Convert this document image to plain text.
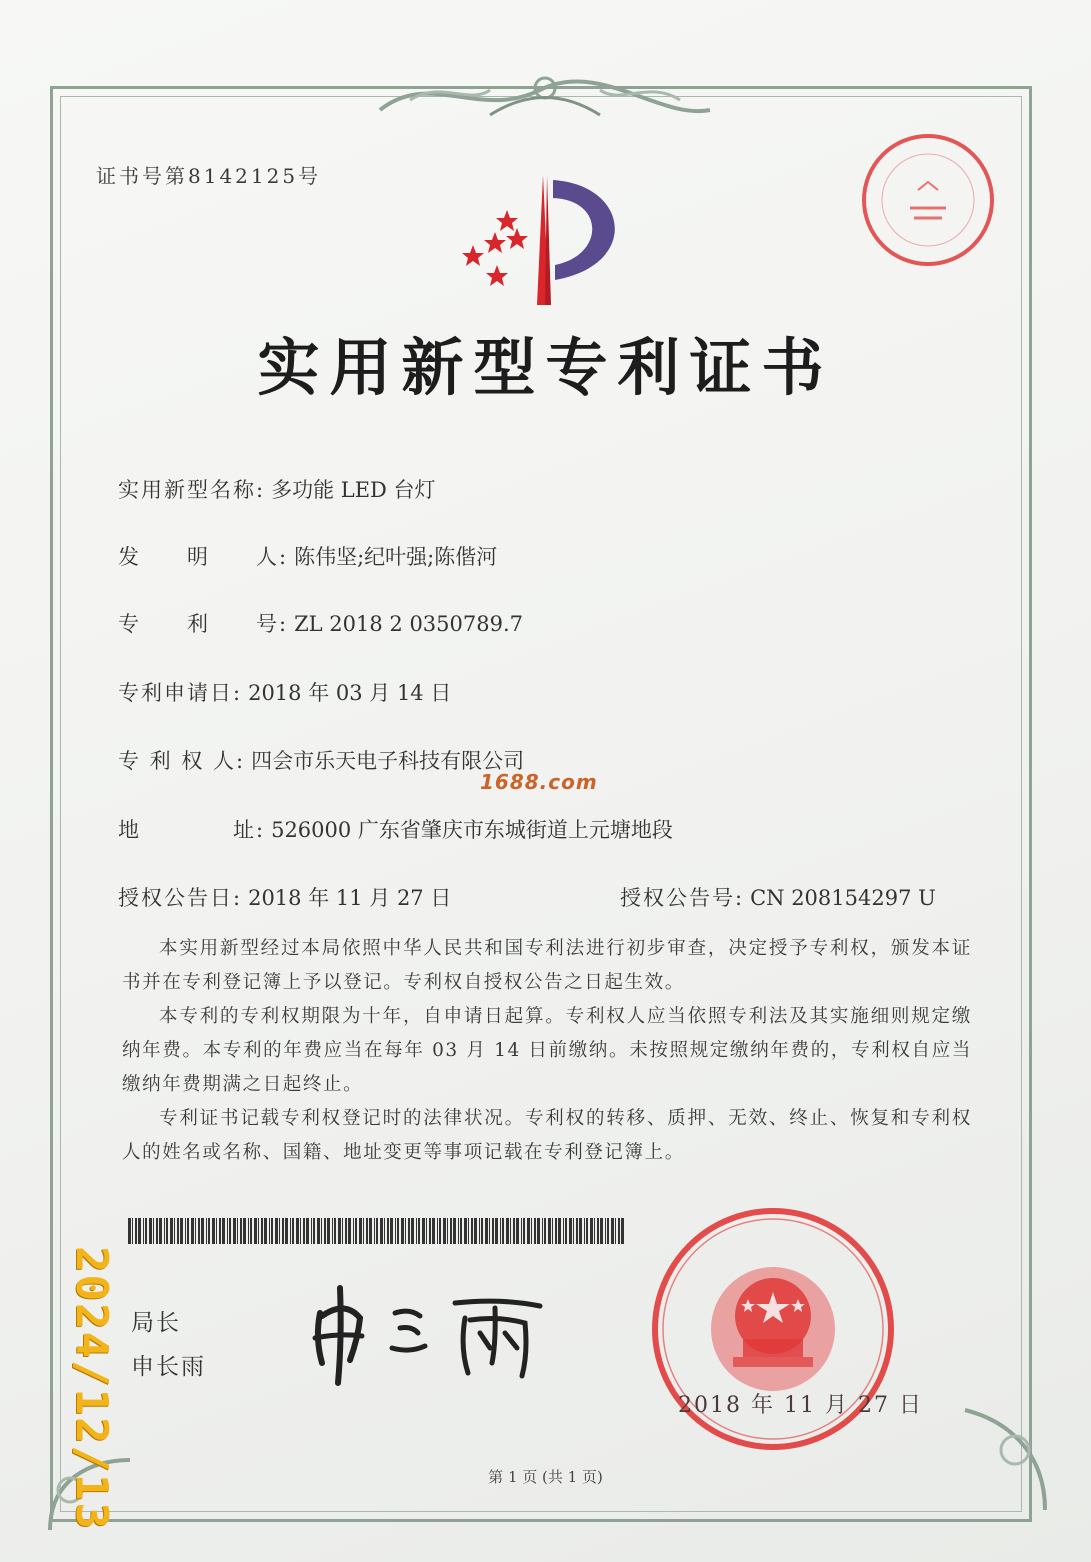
证书号第8142125号
实用新型专利证书
实用新型名称: 多功能 LED 台灯
发　　明　　人: 陈伟坚;纪叶强;陈偕河
专　　利　　号: ZL 2018 2 0350789.7
专利申请日: 2018 年 03 月 14 日
专 利 权 人: 四会市乐天电子科技有限公司
1688.com
地　　　　址: 526000 广东省肇庆市东城街道上元塘地段
授权公告日: 2018 年 11 月 27 日	授权公告号: CN 208154297 U

本实用新型经过本局依照中华人民共和国专利法进行初步审查，决定授予专利权，颁发本证书并在专利登记簿上予以登记。专利权自授权公告之日起生效。

本专利的专利权期限为十年，自申请日起算。专利权人应当依照专利法及其实施细则规定缴纳年费。本专利的年费应当在每年 03 月 14 日前缴纳。未按照规定缴纳年费的，专利权自应当缴纳年费期满之日起终止。

专利证书记载专利权登记时的法律状况。专利权的转移、质押、无效、终止、恢复和专利权人的姓名或名称、国籍、地址变更等事项记载在专利登记簿上。

局长
申长雨
2018 年 11 月 27 日
第 1 页 (共 1 页)
2024/12/13
